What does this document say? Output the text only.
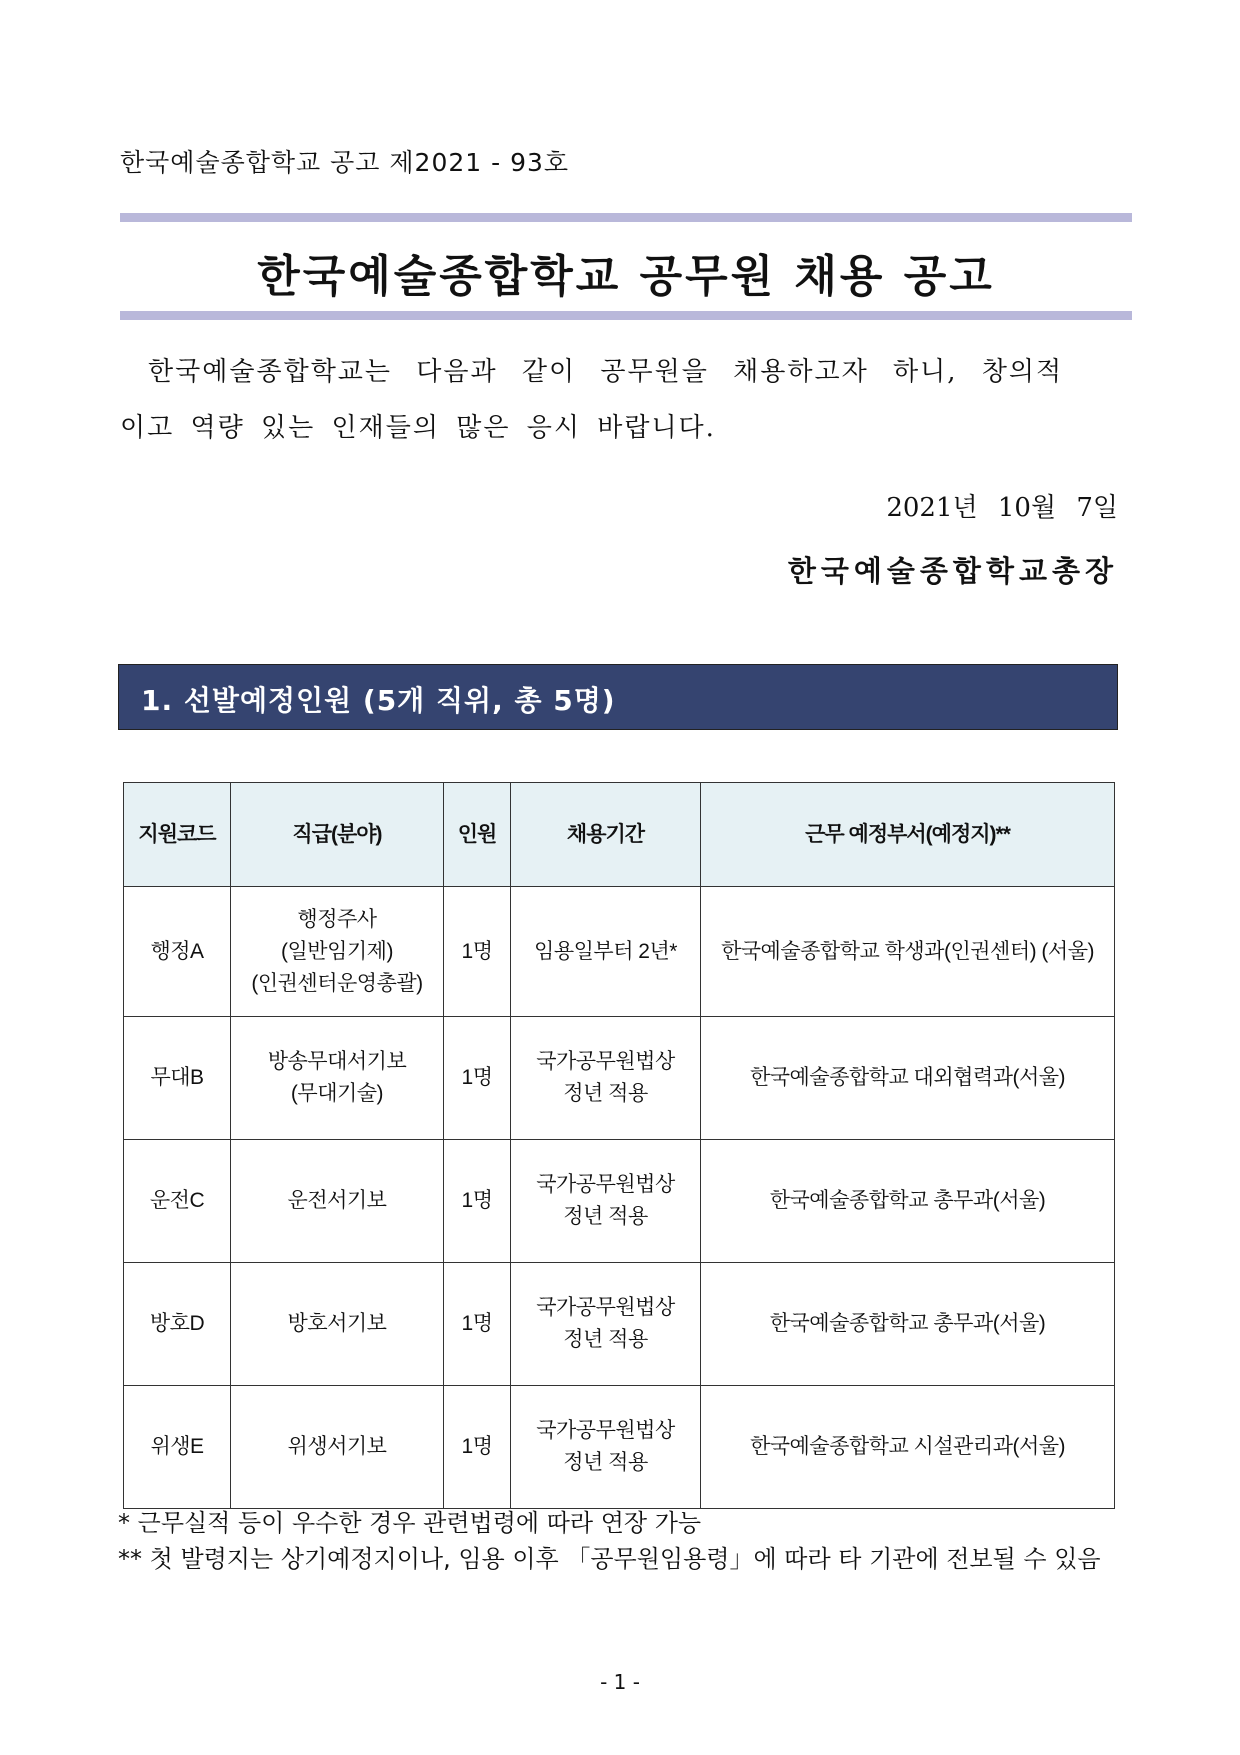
한국예술종합학교 공고 제2021 - 93호
한국예술종합학교 공무원 채용 공고
한국예술종합학교는 다음과 같이 공무원을 채용하고자 하니, 창의적
이고 역량 있는 인재들의 많은 응시 바랍니다.
2021년 10월 7일
한국예술종합학교총장
1. 선발예정인원 (5개 직위, 총 5명)
지원코드	직급(분야)	인원	채용기간	근무 예정부서(예정지)**
행정A	행정주사
(일반임기제)
(인권센터운영총괄)	1명	임용일부터 2년*	한국예술종합학교 학생과(인권센터) (서울)
무대B	방송무대서기보
(무대기술)	1명	국가공무원법상
정년 적용	한국예술종합학교 대외협력과(서울)
운전C	운전서기보	1명	국가공무원법상
정년 적용	한국예술종합학교 총무과(서울)
방호D	방호서기보	1명	국가공무원법상
정년 적용	한국예술종합학교 총무과(서울)
위생E	위생서기보	1명	국가공무원법상
정년 적용	한국예술종합학교 시설관리과(서울)
* 근무실적 등이 우수한 경우 관련법령에 따라 연장 가능
** 첫 발령지는 상기예정지이나, 임용 이후 「공무원임용령」에 따라 타 기관에 전보될 수 있음
- 1 -
